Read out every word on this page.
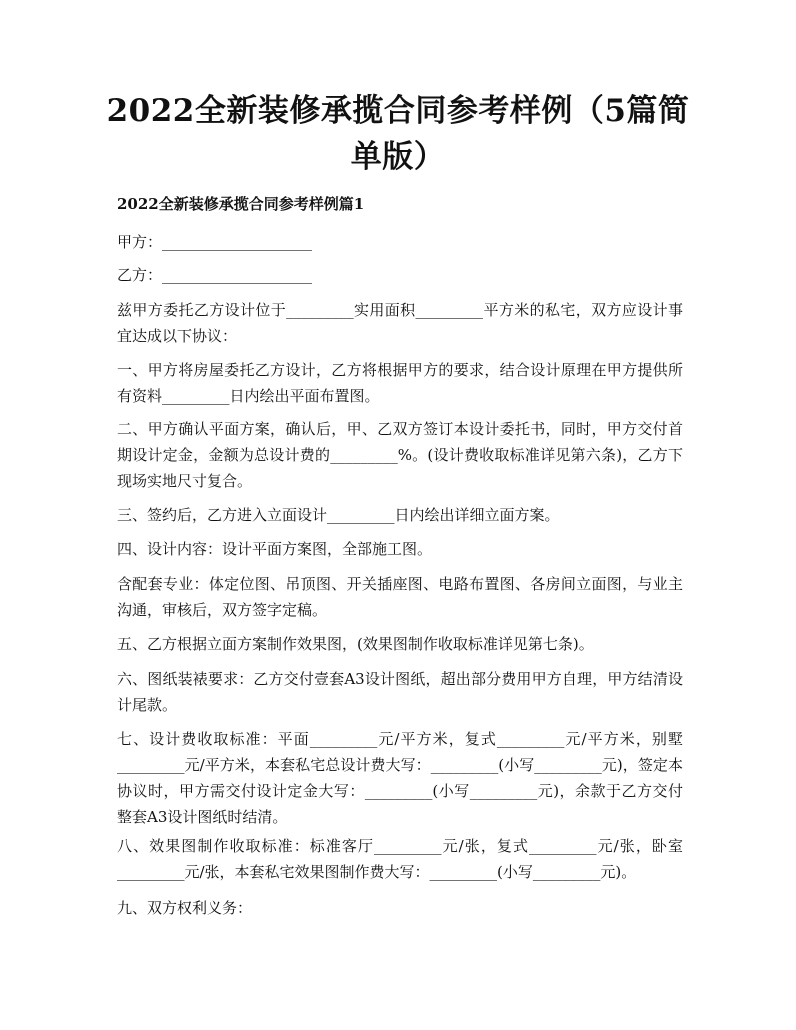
2022全新装修承揽合同参考样例（5篇简单版）

2022全新装修承揽合同参考样例篇1

甲方：____________________

乙方：____________________

兹甲方委托乙方设计位于_________实用面积_________平方米的私宅，双方应设计事宜达成以下协议：

一、甲方将房屋委托乙方设计，乙方将根据甲方的要求，结合设计原理在甲方提供所有资料_________日内绘出平面布置图。

二、甲方确认平面方案，确认后，甲、乙双方签订本设计委托书，同时，甲方交付首期设计定金，金额为总设计费的_________%。(设计费收取标准详见第六条)，乙方下现场实地尺寸复合。

三、签约后，乙方进入立面设计_________日内绘出详细立面方案。

四、设计内容：设计平面方案图，全部施工图。

含配套专业：体定位图、吊顶图、开关插座图、电路布置图、各房间立面图，与业主沟通，审核后，双方签字定稿。

五、乙方根据立面方案制作效果图，(效果图制作收取标准详见第七条)。

六、图纸装裱要求：乙方交付壹套A3设计图纸，超出部分费用甲方自理，甲方结清设计尾款。

七、设计费收取标准：平面_________元/平方米，复式_________元/平方米，别墅_________元/平方米，本套私宅总设计费大写：_________(小写_________元)，签定本协议时，甲方需交付设计定金大写：_________(小写_________元)，余款于乙方交付整套A3设计图纸时结清。

八、效果图制作收取标准：标准客厅_________元/张，复式_________元/张，卧室_________元/张，本套私宅效果图制作费大写：_________(小写_________元)。

九、双方权利义务：
